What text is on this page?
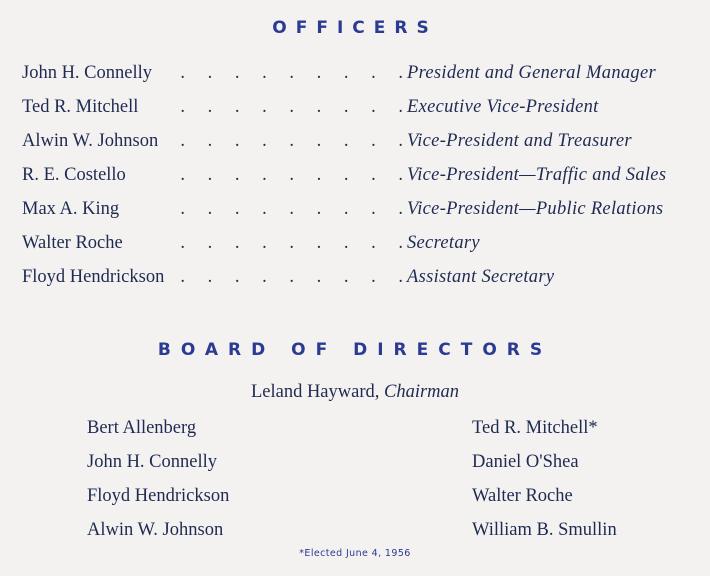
OFFICERS
. . . . . . . . .
John H. Connelly	President and General Manager
. . . . . . . . .
Ted R. Mitchell	Executive Vice-President
. . . . . . . . .
Alwin W. Johnson	Vice-President and Treasurer
. . . . . . . . .
R. E. Costello	Vice-President—Traffic and Sales
. . . . . . . . .
Max A. King	Vice-President—Public Relations
. . . . . . . . .
Walter Roche	Secretary
. . . . . . . . .
Floyd Hendrickson	Assistant Secretary
BOARD OF DIRECTORS
Leland Hayward, Chairman
Bert Allenberg
John H. Connelly
Floyd Hendrickson
Alwin W. Johnson
Ted R. Mitchell*
Daniel O'Shea
Walter Roche
William B. Smullin
*Elected June 4, 1956
